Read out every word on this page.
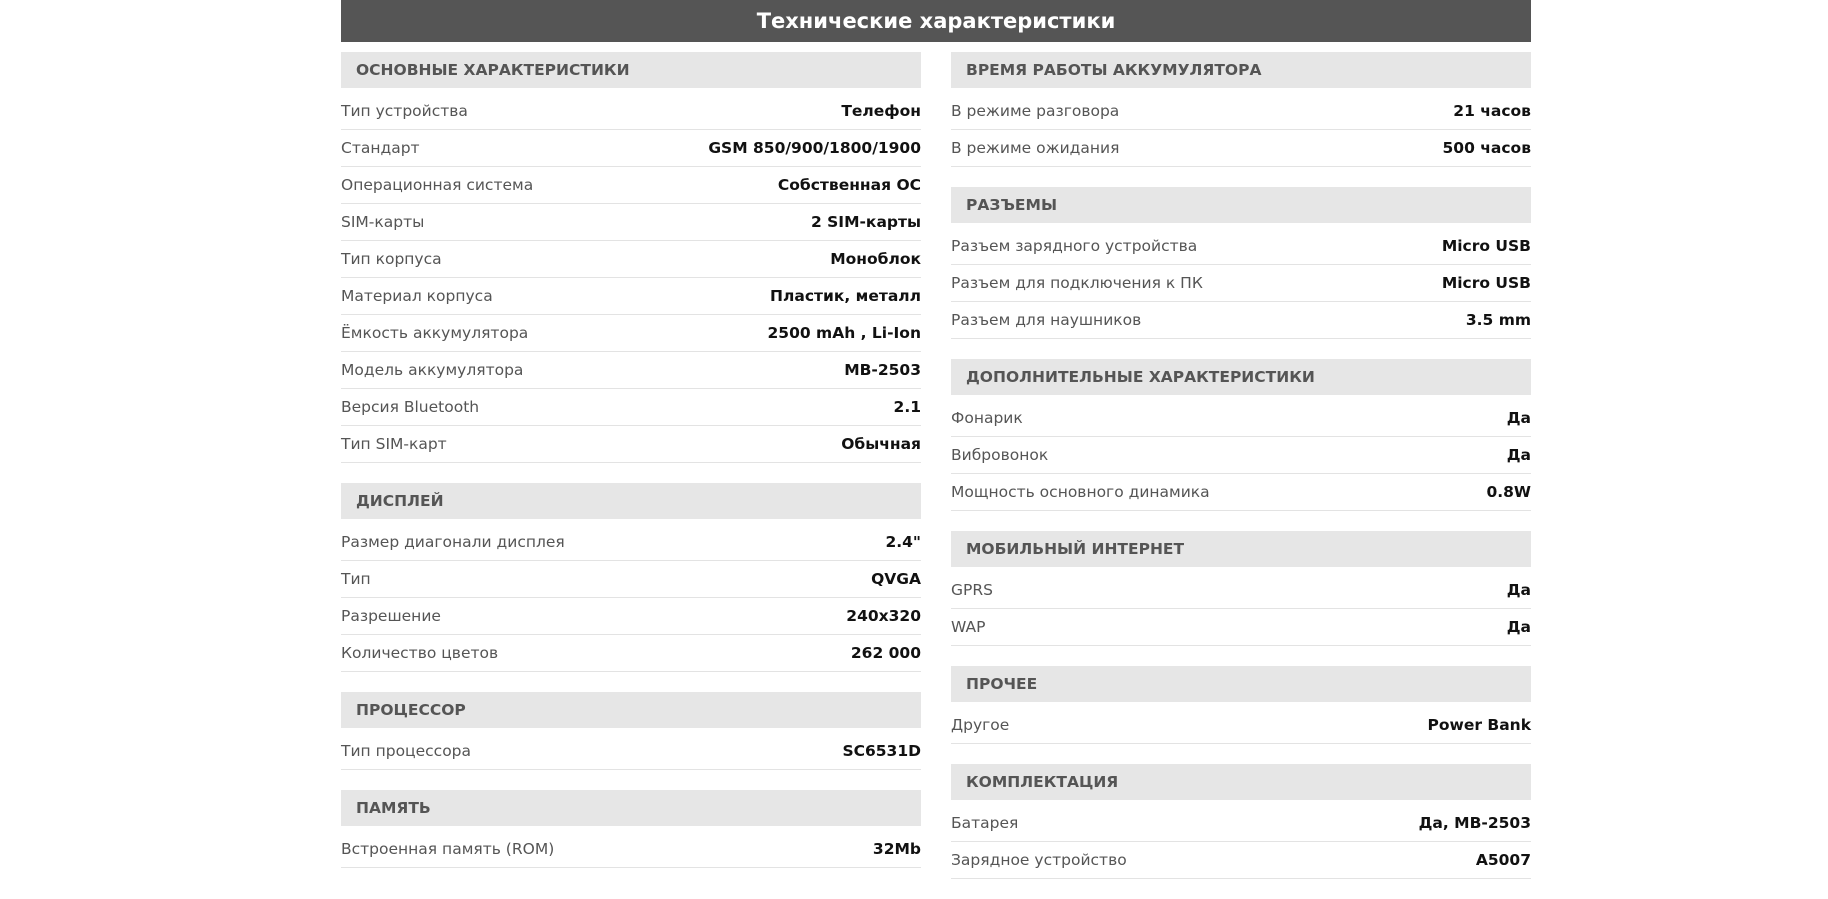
Технические характеристики
ОСНОВНЫЕ ХАРАКТЕРИСТИКИ
Тип устройства	Телефон
Стандарт	GSM 850/900/1800/1900
Операционная система	Собственная ОС
SIM-карты	2 SIM-карты
Тип корпуса	Моноблок
Материал корпуса	Пластик, металл
Ёмкость аккумулятора	2500 mAh , Li-Ion
Модель аккумулятора	MB-2503
Версия Bluetooth	2.1
Тип SIM-карт	Обычная
ДИСПЛЕЙ
Размер диагонали дисплея	2.4"
Тип	QVGA
Разрешение	240x320
Количество цветов	262 000
ПРОЦЕССОР
Тип процессора	SC6531D
ПАМЯТЬ
Встроенная память (ROM)	32Mb
ВРЕМЯ РАБОТЫ АККУМУЛЯТОРА
В режиме разговора	21 часов
В режиме ожидания	500 часов
РАЗЪЕМЫ
Разъем зарядного устройства	Micro USB
Разъем для подключения к ПК	Micro USB
Разъем для наушников	3.5 mm
ДОПОЛНИТЕЛЬНЫЕ ХАРАКТЕРИСТИКИ
Фонарик	Да
Вибровонок	Да
Мощность основного динамика	0.8W
МОБИЛЬНЫЙ ИНТЕРНЕТ
GPRS	Да
WAP	Да
ПРОЧЕЕ
Другое	Power Bank
КОМПЛЕКТАЦИЯ
Батарея	Да, MB-2503
Зарядное устройство	A5007
